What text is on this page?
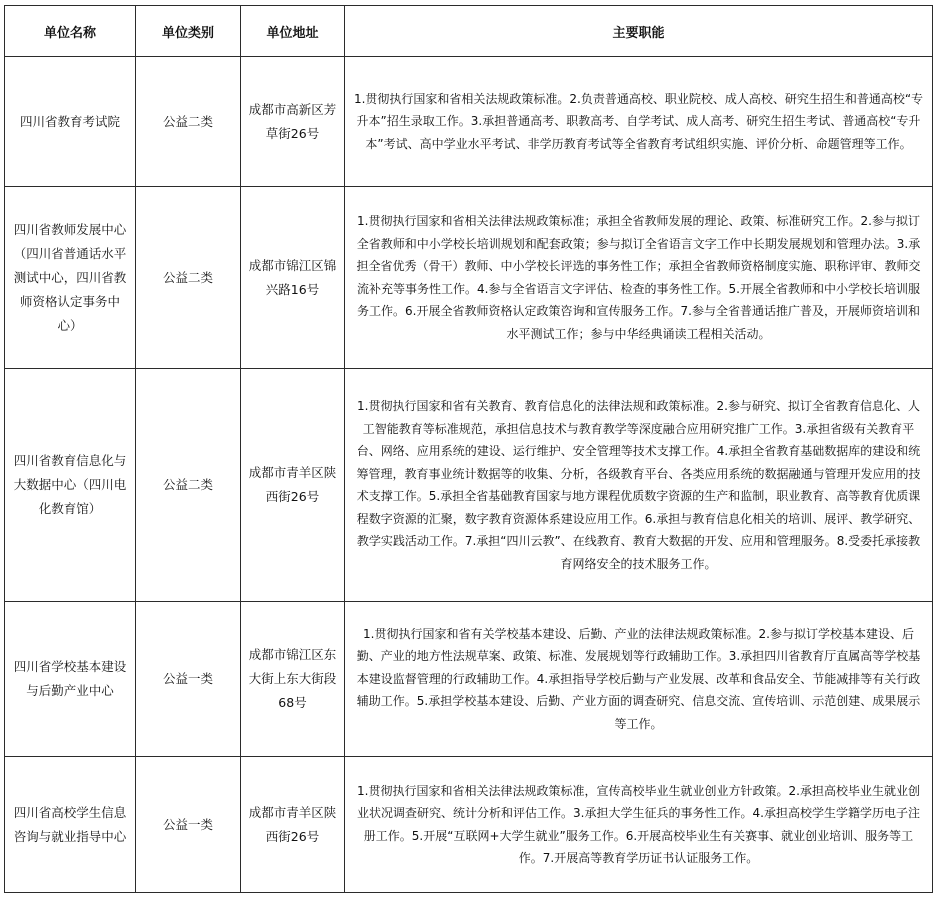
单位名称	单位类别	单位地址	主要职能
四川省教育考试院	公益二类	成都市高新区芳草街26号	1.贯彻执行国家和省相关法规政策标准。2.负责普通高校、职业院校、成人高校、研究生招生和普通高校“专升本”招生录取工作。3.承担普通高考、职教高考、自学考试、成人高考、研究生招生考试、普通高校“专升本”考试、高中学业水平考试、非学历教育考试等全省教育考试组织实施、评价分析、命题管理等工作。
四川省教师发展中心（四川省普通话水平测试中心，四川省教师资格认定事务中心）	公益二类	成都市锦江区锦兴路16号	1.贯彻执行国家和省相关法律法规政策标准；承担全省教师发展的理论、政策、标准研究工作。2.参与拟订全省教师和中小学校长培训规划和配套政策；参与拟订全省语言文字工作中长期发展规划和管理办法。3.承担全省优秀（骨干）教师、中小学校长评选的事务性工作；承担全省教师资格制度实施、职称评审、教师交流补充等事务性工作。4.参与全省语言文字评估、检查的事务性工作。5.开展全省教师和中小学校长培训服务工作。6.开展全省教师资格认定政策咨询和宣传服务工作。7.参与全省普通话推广普及，开展师资培训和水平测试工作；参与中华经典诵读工程相关活动。
四川省教育信息化与大数据中心（四川电化教育馆）	公益二类	成都市青羊区陕西街26号	1.贯彻执行国家和省有关教育、教育信息化的法律法规和政策标准。2.参与研究、拟订全省教育信息化、人工智能教育等标准规范，承担信息技术与教育教学等深度融合应用研究推广工作。3.承担省级有关教育平台、网络、应用系统的建设、运行维护、安全管理等技术支撑工作。4.承担全省教育基础数据库的建设和统筹管理，教育事业统计数据等的收集、分析，各级教育平台、各类应用系统的数据融通与管理开发应用的技术支撑工作。5.承担全省基础教育国家与地方课程优质数字资源的生产和监制，职业教育、高等教育优质课程数字资源的汇聚，数字教育资源体系建设应用工作。6.承担与教育信息化相关的培训、展评、教学研究、教学实践活动工作。7.承担“四川云教”、在线教育、教育大数据的开发、应用和管理服务。8.受委托承接教育网络安全的技术服务工作。
四川省学校基本建设与后勤产业中心	公益一类	成都市锦江区东大街上东大街段68号	1.贯彻执行国家和省有关学校基本建设、后勤、产业的法律法规政策标准。2.参与拟订学校基本建设、后勤、产业的地方性法规草案、政策、标准、发展规划等行政辅助工作。3.承担四川省教育厅直属高等学校基本建设监督管理的行政辅助工作。4.承担指导学校后勤与产业发展、改革和食品安全、节能减排等有关行政辅助工作。5.承担学校基本建设、后勤、产业方面的调查研究、信息交流、宣传培训、示范创建、成果展示等工作。
四川省高校学生信息咨询与就业指导中心	公益一类	成都市青羊区陕西街26号	1.贯彻执行国家和省相关法律法规政策标准，宣传高校毕业生就业创业方针政策。2.承担高校毕业生就业创业状况调查研究、统计分析和评估工作。3.承担大学生征兵的事务性工作。4.承担高校学生学籍学历电子注册工作。5.开展“互联网+大学生就业”服务工作。6.开展高校毕业生有关赛事、就业创业培训、服务等工作。7.开展高等教育学历证书认证服务工作。
